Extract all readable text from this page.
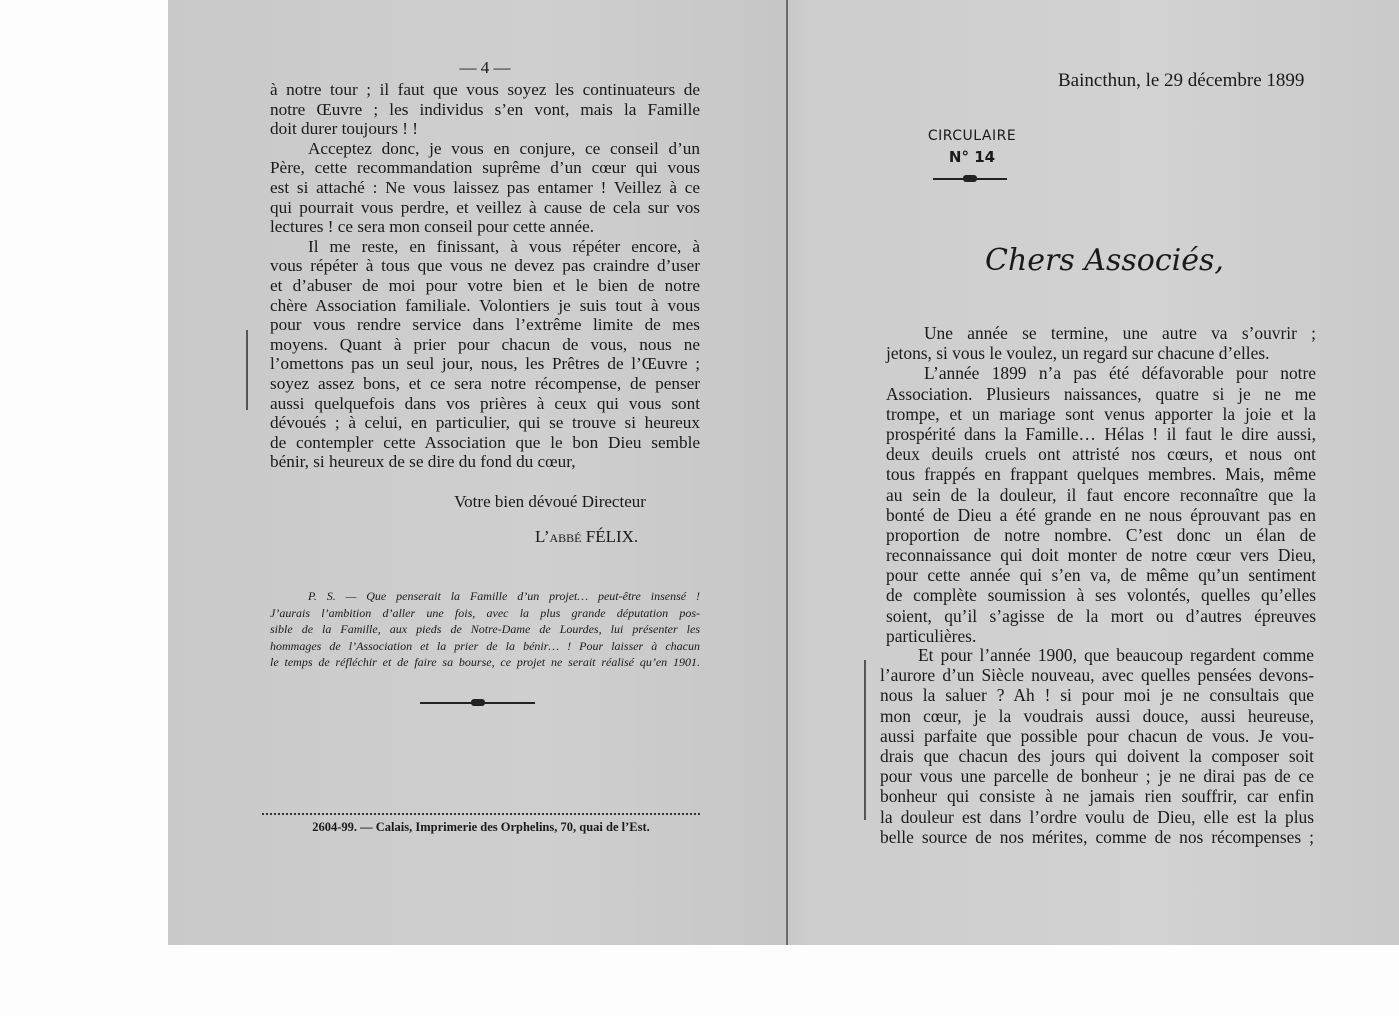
— 4 —
à notre tour ; il faut que vous soyez les continuateurs de
notre Œuvre ; les individus s’en vont, mais la Famille
doit durer toujours ! !
Acceptez donc, je vous en conjure, ce conseil d’un
Père, cette recommandation suprême d’un cœur qui vous
est si attaché : Ne vous laissez pas entamer ! Veillez à ce
qui pourrait vous perdre, et veillez à cause de cela sur vos
lectures ! ce sera mon conseil pour cette année.
Il me reste, en finissant, à vous répéter encore, à
vous répéter à tous que vous ne devez pas craindre d’user
et d’abuser de moi pour votre bien et le bien de notre
chère Association familiale. Volontiers je suis tout à vous
pour vous rendre service dans l’extrême limite de mes
moyens. Quant à prier pour chacun de vous, nous ne
l’omettons pas un seul jour, nous, les Prêtres de l’Œuvre ;
soyez assez bons, et ce sera notre récompense, de penser
aussi quelquefois dans vos prières à ceux qui vous sont
dévoués ; à celui, en particulier, qui se trouve si heureux
de contempler cette Association que le bon Dieu semble
bénir, si heureux de se dire du fond du cœur,
Votre bien dévoué Directeur
L’abbé FÉLIX.
P. S. — Que penserait la Famille d’un projet… peut-être insensé !
J’aurais l’ambition d’aller une fois, avec la plus grande députation pos-
sible de la Famille, aux pieds de Notre-Dame de Lourdes, lui présenter les
hommages de l’Association et la prier de la bénir… ! Pour laisser à chacun
le temps de réfléchir et de faire sa bourse, ce projet ne serait réalisé qu’en 1901.
2604-99. — Calais, Imprimerie des Orphelins, 70, quai de l’Est.
Baincthun, le 29 décembre 1899
CIRCULAIRE
N° 14
Chers Associés,
Une année se termine, une autre va s’ouvrir ;
jetons, si vous le voulez, un regard sur chacune d’elles.
L’année 1899 n’a pas été défavorable pour notre
Association. Plusieurs naissances, quatre si je ne me
trompe, et un mariage sont venus apporter la joie et la
prospérité dans la Famille… Hélas ! il faut le dire aussi,
deux deuils cruels ont attristé nos cœurs, et nous ont
tous frappés en frappant quelques membres. Mais, même
au sein de la douleur, il faut encore reconnaître que la
bonté de Dieu a été grande en ne nous éprouvant pas en
proportion de notre nombre. C’est donc un élan de
reconnaissance qui doit monter de notre cœur vers Dieu,
pour cette année qui s’en va, de même qu’un sentiment
de complète soumission à ses volontés, quelles qu’elles
soient, qu’il s’agisse de la mort ou d’autres épreuves
particulières.
Et pour l’année 1900, que beaucoup regardent comme
l’aurore d’un Siècle nouveau, avec quelles pensées devons-
nous la saluer ? Ah ! si pour moi je ne consultais que
mon cœur, je la voudrais aussi douce, aussi heureuse,
aussi parfaite que possible pour chacun de vous. Je vou-
drais que chacun des jours qui doivent la composer soit
pour vous une parcelle de bonheur ; je ne dirai pas de ce
bonheur qui consiste à ne jamais rien souffrir, car enfin
la douleur est dans l’ordre voulu de Dieu, elle est la plus
belle source de nos mérites, comme de nos récompenses ;
